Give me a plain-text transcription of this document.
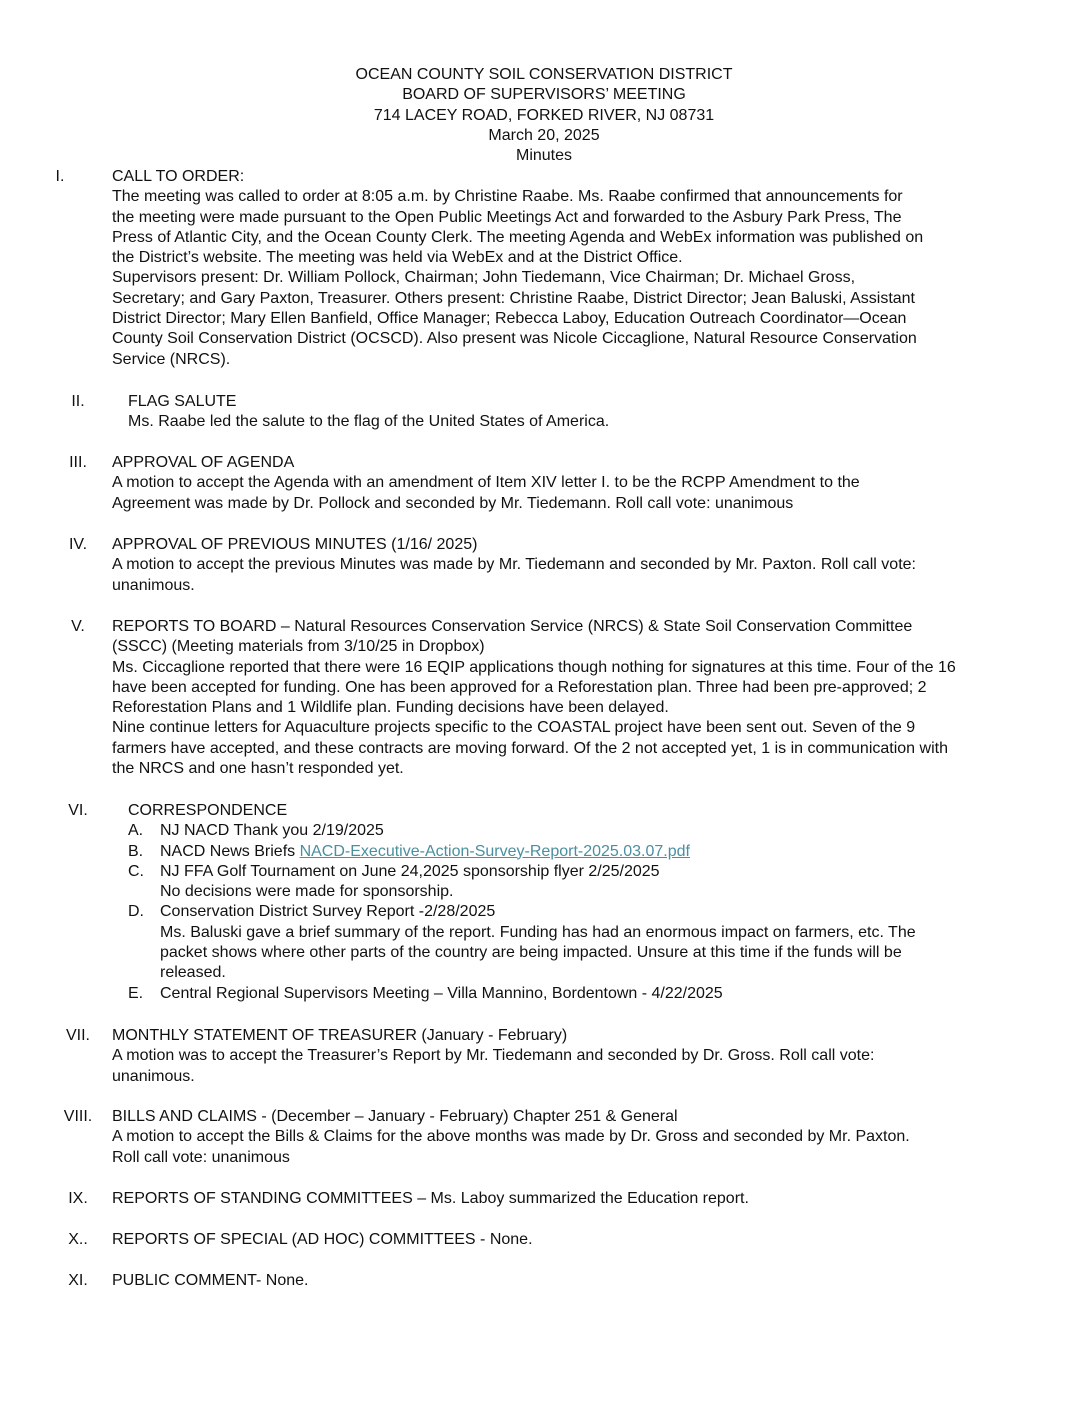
OCEAN COUNTY SOIL CONSERVATION DISTRICT
BOARD OF SUPERVISORS’ MEETING
714 LACEY ROAD, FORKED RIVER, NJ 08731
March 20, 2025
Minutes
I.	CALL TO ORDER:

The meeting was called to order at 8:05 a.m. by Christine Raabe. Ms. Raabe confirmed that announcements for

the meeting were made pursuant to the Open Public Meetings Act and forwarded to the Asbury Park Press, The

Press of Atlantic City, and the Ocean County Clerk. The meeting Agenda and WebEx information was published on

the District’s website. The meeting was held via WebEx and at the District Office.

Supervisors present: Dr. William Pollock, Chairman; John Tiedemann, Vice Chairman; Dr. Michael Gross,

Secretary; and Gary Paxton, Treasurer. Others present: Christine Raabe, District Director; Jean Baluski, Assistant

District Director; Mary Ellen Banfield, Office Manager; Rebecca Laboy, Education Outreach Coordinator—Ocean

County Soil Conservation District (OCSCD). Also present was Nicole Ciccaglione, Natural Resource Conservation

Service (NRCS).

II.	FLAG SALUTE

Ms. Raabe led the salute to the flag of the United States of America.

III.	APPROVAL OF AGENDA

A motion to accept the Agenda with an amendment of Item XIV letter I. to be the RCPP Amendment to the

Agreement was made by Dr. Pollock and seconded by Mr. Tiedemann. Roll call vote: unanimous

IV.	APPROVAL OF PREVIOUS MINUTES (1/16/ 2025)

A motion to accept the previous Minutes was made by Mr. Tiedemann and seconded by Mr. Paxton. Roll call vote:

unanimous.

V.	REPORTS TO BOARD – Natural Resources Conservation Service (NRCS) & State Soil Conservation Committee

(SSCC) (Meeting materials from 3/10/25 in Dropbox)

Ms. Ciccaglione reported that there were 16 EQIP applications though nothing for signatures at this time. Four of the 16

have been accepted for funding. One has been approved for a Reforestation plan. Three had been pre-approved; 2

Reforestation Plans and 1 Wildlife plan. Funding decisions have been delayed.

Nine continue letters for Aquaculture projects specific to the COASTAL project have been sent out. Seven of the 9

farmers have accepted, and these contracts are moving forward. Of the 2 not accepted yet, 1 is in communication with

the NRCS and one hasn’t responded yet.

VI.	CORRESPONDENCE

A. NJ NACD Thank you 2/19/2025

B. NACD News Briefs NACD-Executive-Action-Survey-Report-2025.03.07.pdf

C. NJ FFA Golf Tournament on June 24,2025 sponsorship flyer 2/25/2025

No decisions were made for sponsorship.

D. Conservation District Survey Report -2/28/2025

Ms. Baluski gave a brief summary of the report. Funding has had an enormous impact on farmers, etc. The

packet shows where other parts of the country are being impacted. Unsure at this time if the funds will be

released.

E. Central Regional Supervisors Meeting – Villa Mannino, Bordentown - 4/22/2025

VII.	MONTHLY STATEMENT OF TREASURER (January - February)

A motion was to accept the Treasurer’s Report by Mr. Tiedemann and seconded by Dr. Gross. Roll call vote:

unanimous.

VIII.	BILLS AND CLAIMS - (December – January - February) Chapter 251 & General

A motion to accept the Bills & Claims for the above months was made by Dr. Gross and seconded by Mr. Paxton.

Roll call vote: unanimous

IX.	REPORTS OF STANDING COMMITTEES – Ms. Laboy summarized the Education report.

X..	REPORTS OF SPECIAL (AD HOC) COMMITTEES - None.

XI.	PUBLIC COMMENT- None.
